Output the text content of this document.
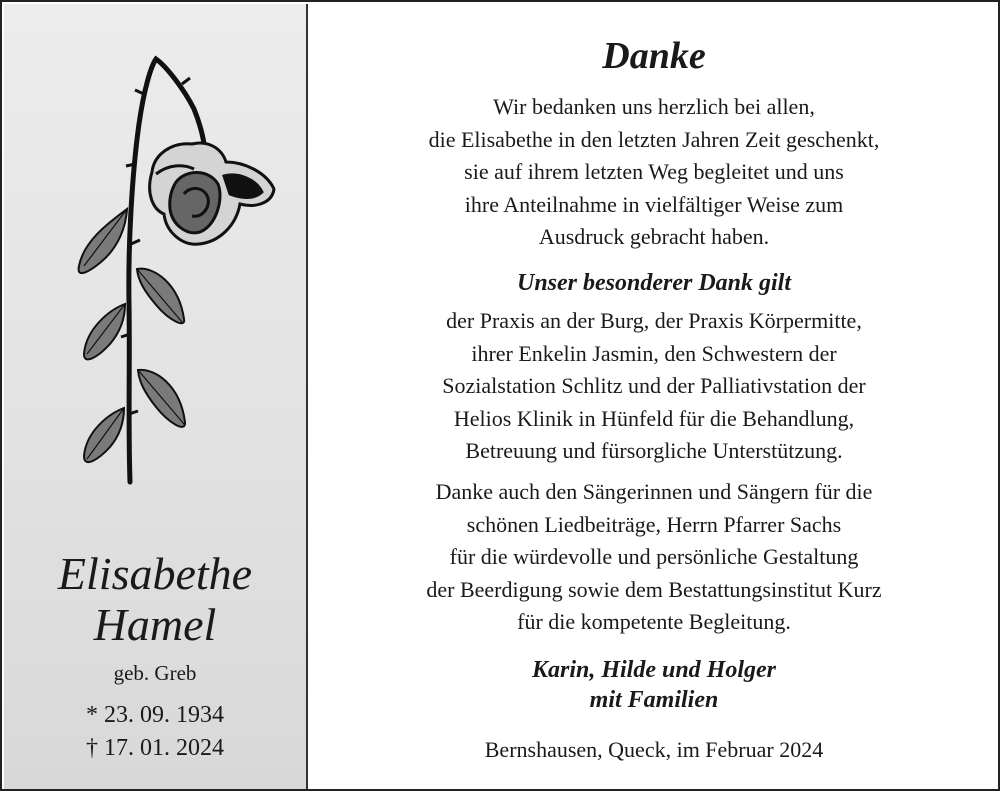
Elisabethe
Hamel
geb. Greb
* 23. 09. 1934
† 17. 01. 2024
Danke

Wir bedanken uns herzlich bei allen,
die Elisabethe in den letzten Jahren Zeit geschenkt,
sie auf ihrem letzten Weg begleitet und uns
ihre Anteilnahme in vielfältiger Weise zum
Ausdruck gebracht haben.

Unser besonderer Dank gilt

der Praxis an der Burg, der Praxis Körpermitte,
ihrer Enkelin Jasmin, den Schwestern der
Sozialstation Schlitz und der Palliativstation der
Helios Klinik in Hünfeld für die Behandlung,
Betreuung und fürsorgliche Unterstützung.

Danke auch den Sängerinnen und Sängern für die
schönen Liedbeiträge, Herrn Pfarrer Sachs
für die würdevolle und persönliche Gestaltung
der Beerdigung sowie dem Bestattungsinstitut Kurz
für die kompetente Begleitung.

Karin, Hilde und Holger
mit Familien
Bernshausen, Queck, im Februar 2024
